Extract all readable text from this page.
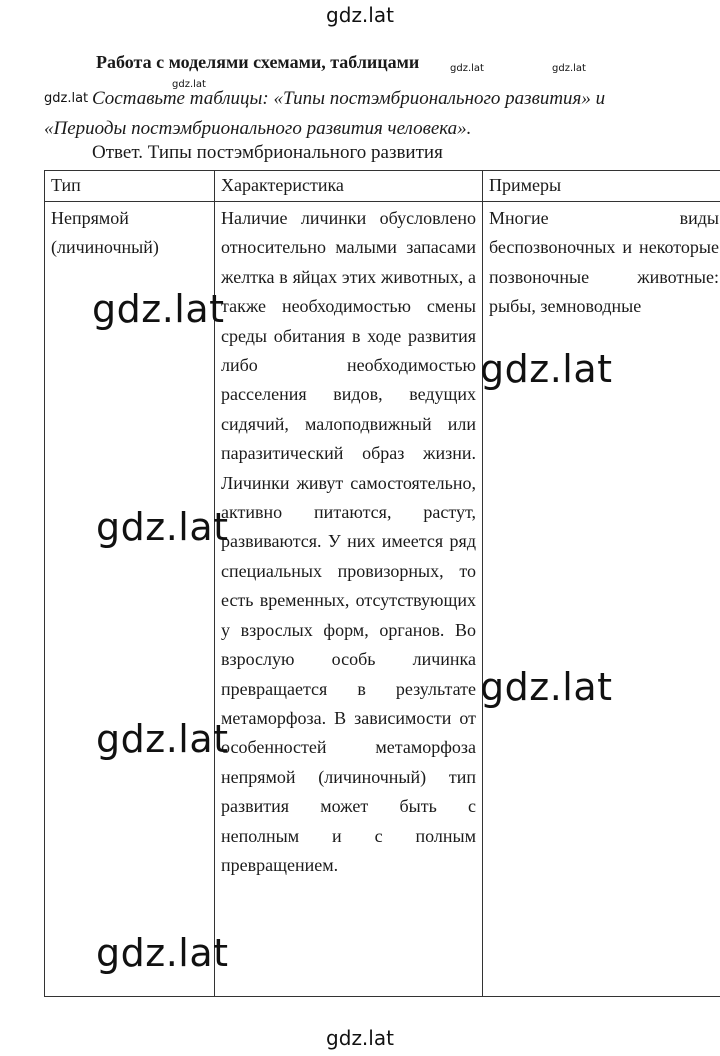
gdz.lat
Работа с моделями схемами, таблицами
Составьте таблицы: «Типы постэмбрионального развития» и
«Периоды постэмбрионального развития человека».
Ответ. Типы постэмбрионального развития
Тип	Характеристика	Примеры

Непрямой (личиночный)	Наличие личинки обусловлено относительно малыми запасами желтка в яйцах этих животных, а также необходимостью смены среды обитания в ходе развития либо необходимостью расселения видов, ведущих сидячий, малоподвижный или паразитический образ жизни. Личинки живут самостоятельно, активно питаются, растут, развиваются. У них имеется ряд специальных провизорных, то есть временных, отсутствующих у взрослых форм, органов. Во взрослую особь личинка превращается в результате метаморфоза. В зависимости от особенностей метаморфоза непрямой (личиночный) тип развития может быть с неполным и с полным превращением.	Многие виды беспозвоночных и некоторые позвоночные животные: рыбы, земноводные
gdz.lat	gdz.lat
gdz.lat
gdz.lat
gdz.lat
gdz.lat
gdz.lat
gdz.lat
gdz.lat
gdz.lat
gdz.lat
